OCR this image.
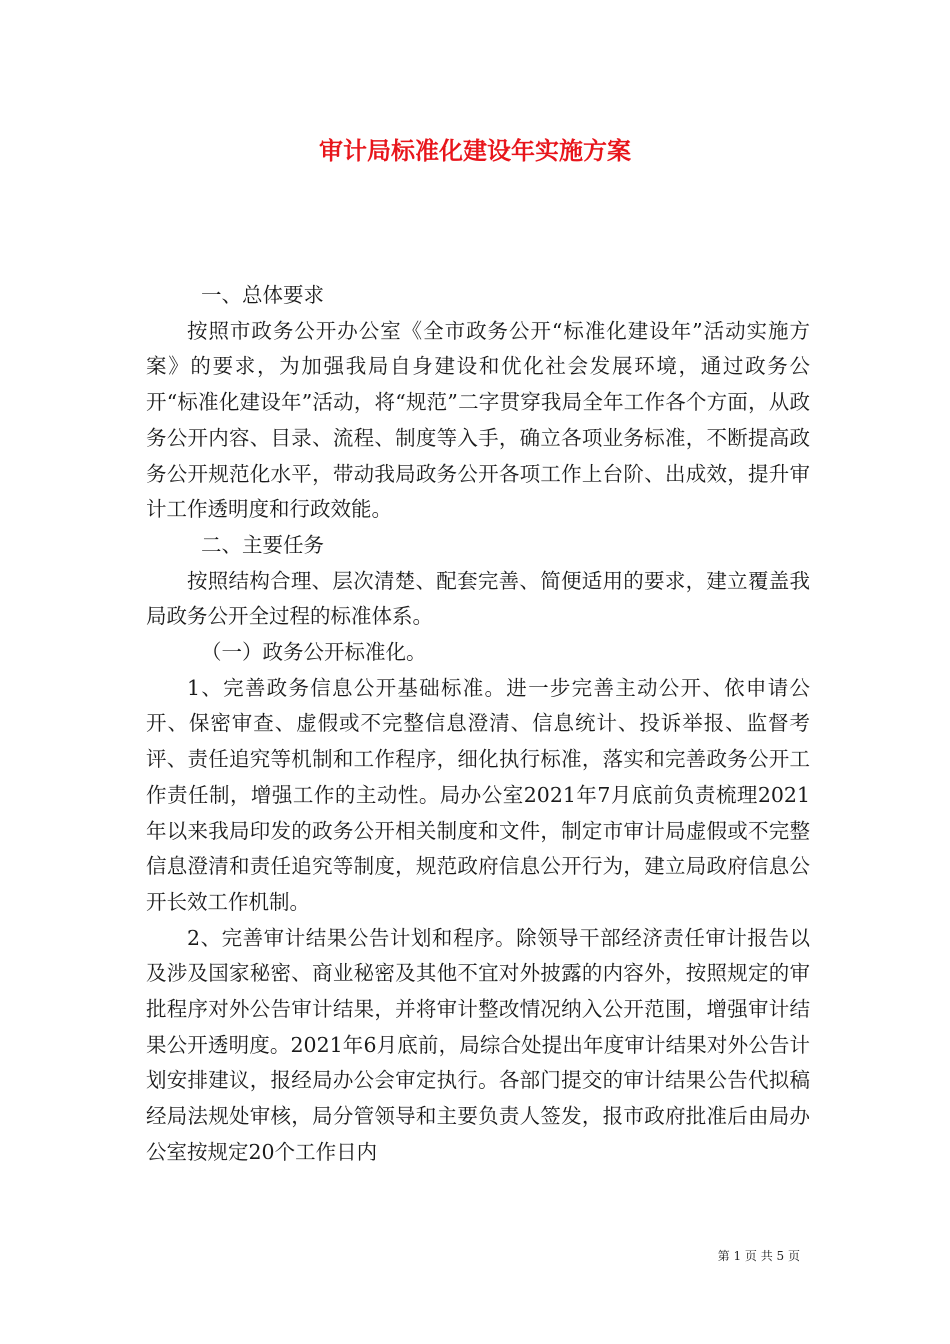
审计局标准化建设年实施方案

一、总体要求

按照市政务公开办公室《全市政务公开“标准化建设年”活动实施方案》的要求，为加强我局自身建设和优化社会发展环境，通过政务公开“标准化建设年”活动，将“规范”二字贯穿我局全年工作各个方面，从政务公开内容、目录、流程、制度等入手，确立各项业务标准，不断提高政务公开规范化水平，带动我局政务公开各项工作上台阶、出成效，提升审计工作透明度和行政效能。

二、主要任务

按照结构合理、层次清楚、配套完善、简便适用的要求，建立覆盖我局政务公开全过程的标准体系。

（一）政务公开标准化。

1、完善政务信息公开基础标准。进一步完善主动公开、依申请公开、保密审查、虚假或不完整信息澄清、信息统计、投诉举报、监督考评、责任追究等机制和工作程序，细化执行标准，落实和完善政务公开工作责任制，增强工作的主动性。局办公室2021年7月底前负责梳理2021年以来我局印发的政务公开相关制度和文件，制定市审计局虚假或不完整信息澄清和责任追究等制度，规范政府信息公开行为，建立局政府信息公开长效工作机制。

2、完善审计结果公告计划和程序。除领导干部经济责任审计报告以及涉及国家秘密、商业秘密及其他不宜对外披露的内容外，按照规定的审批程序对外公告审计结果，并将审计整改情况纳入公开范围，增强审计结果公开透明度。2021年6月底前，局综合处提出年度审计结果对外公告计划安排建议，报经局办公会审定执行。各部门提交的审计结果公告代拟稿经局法规处审核，局分管领导和主要负责人签发，报市政府批准后由局办公室按规定20个工作日内

第 1 页 共 5 页
